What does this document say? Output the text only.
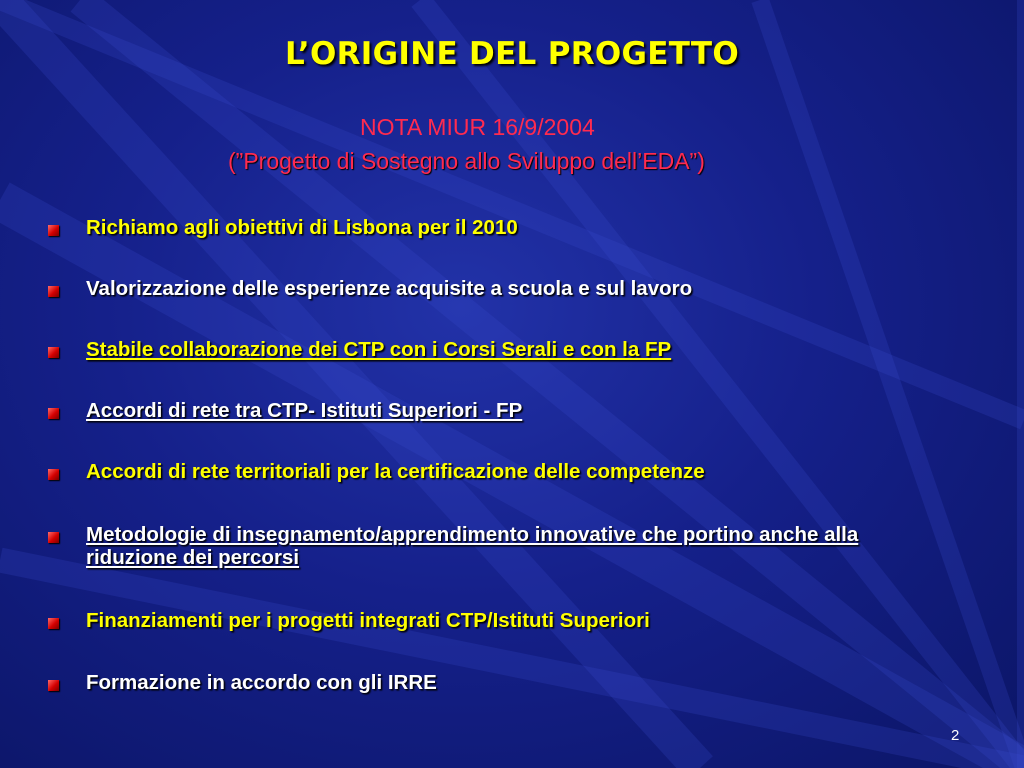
L’ORIGINE DEL PROGETTO
NOTA MIUR 16/9/2004
(”Progetto di Sostegno allo Sviluppo dell’EDA”)
Richiamo agli obiettivi di Lisbona per il 2010
Valorizzazione delle esperienze acquisite a scuola e sul lavoro
Stabile collaborazione dei CTP con i Corsi Serali e con la FP
Accordi di rete tra CTP- Istituti Superiori - FP
Accordi di rete territoriali per la certificazione delle competenze
Metodologie di insegnamento/apprendimento innovative che portino anche alla riduzione dei percorsi
Finanziamenti per i progetti integrati CTP/Istituti Superiori
Formazione in accordo con gli IRRE
2
